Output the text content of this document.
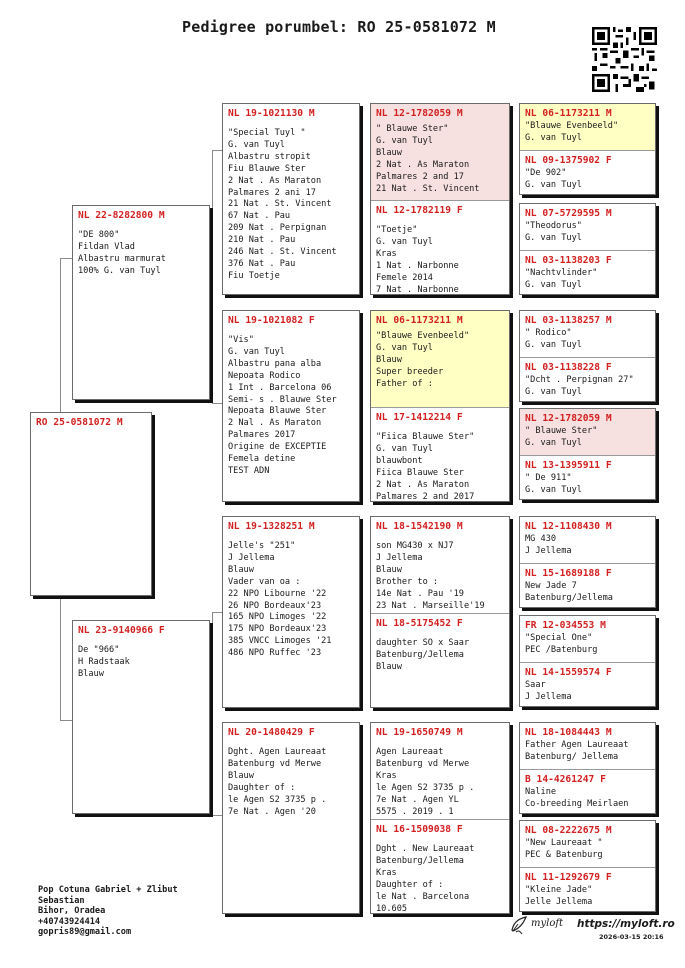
Pedigree porumbel: RO 25-0581072 M
RO 25-0581072 M
NL 22-8282800 M
"DE 800"
Fildan Vlad
Albastru marmurat
100% G. van Tuyl
NL 23-9140966 F
De "966"
H Radstaak
Blauw
NL 19-1021130 M
"Special Tuyl "
G. van Tuyl
Albastru stropit
Fiu Blauwe Ster
2 Nat . As Maraton
Palmares 2 ani 17
21 Nat . St. Vincent
67 Nat . Pau
209 Nat . Perpignan
210 Nat . Pau
246 Nat . St. Vincent
376 Nat . Pau
Fiu Toetje
NL 19-1021082 F
"Vis"
G. van Tuyl
Albastru pana alba
Nepoata Rodico
1 Int . Barcelona 06
Semi- s . Blauwe Ster
Nepoata Blauwe Ster
2 Nal . As Maraton
Palmares 2017
Origine de EXCEPTIE
Femela detine
TEST ADN
NL 19-1328251 M
Jelle's "251"
J Jellema
Blauw
Vader van oa :
22 NPO Libourne '22
26 NPO Bordeaux'23
165 NPO Limoges '22
175 NPO Bordeaux'23
385 VNCC Limoges '21
486 NPO Ruffec '23
NL 20-1480429 F
Dght. Agen Laureaat
Batenburg vd Merwe
Blauw
Daughter of :
le Agen S2 3735 p .
7e Nat . Agen '20
NL 12-1782059 M
" Blauwe Ster"
G. van Tuyl
Blauw
2 Nat . As Maraton
Palmares 2 and 17
21 Nat . St. Vincent
NL 12-1782119 F
"Toetje"
G. van Tuyl
Kras
1 Nat . Narbonne
Femele 2014
7 Nat . Narbonne
NL 06-1173211 M
"Blauwe Evenbeeld"
G. van Tuyl
Blauw
Super breeder
Father of :
NL 17-1412214 F
"Fiica Blauwe Ster"
G. van Tuyl
blauwbont
Fiica Blauwe Ster
2 Nat . As Maraton
Palmares 2 and 2017
NL 18-1542190 M
son MG430 x NJ7
J Jellema
Blauw
Brother to :
14e Nat . Pau '19
23 Nat . Marseille'19
NL 18-5175452 F
daughter SO x Saar
Batenburg/Jellema
Blauw
NL 19-1650749 M
Agen Laureaat
Batenburg vd Merwe
Kras
le Agen S2 3735 p .
7e Nat . Agen YL
5575 . 2019 . 1
NL 16-1509038 F
Dght . New Laureaat
Batenburg/Jellema
Kras
Daughter of :
le Nat . Barcelona
10.605
NL 06-1173211 M
"Blauwe Evenbeeld"
G. van Tuyl
NL 09-1375902 F
"De 902"
G. van Tuyl
NL 07-5729595 M
"Theodorus"
G. van Tuyl
NL 03-1138203 F
"Nachtvlinder"
G. van Tuyl
NL 03-1138257 M
" Rodico"
G. van Tuyl
NL 03-1138228 F
"Dcht . Perpignan 27"
G. van Tuyl
NL 12-1782059 M
" Blauwe Ster"
G. van Tuyl
NL 13-1395911 F
" De 911"
G. van Tuyl
NL 12-1108430 M
MG 430
J Jellema
NL 15-1689188 F
New Jade 7
Batenburg/Jellema
FR 12-034553 M
"Special One"
PEC /Batenburg
NL 14-1559574 F
Saar
J Jellema
NL 18-1084443 M
Father Agen Laureaat
Batenburg/ Jellema
B 14-4261247 F
Naline
Co-breeding Meirlaen
NL 08-2222675 M
"New Laureaat "
PEC & Batenburg
NL 11-1292679 F
"Kleine Jade"
Jelle Jellema
Pop Cotuna Gabriel + Zlibut
Sebastian
Bihor, Oradea
+40743924414
gopris89@gmail.com
myloft https://myloft.ro
2026-03-15 20:16
